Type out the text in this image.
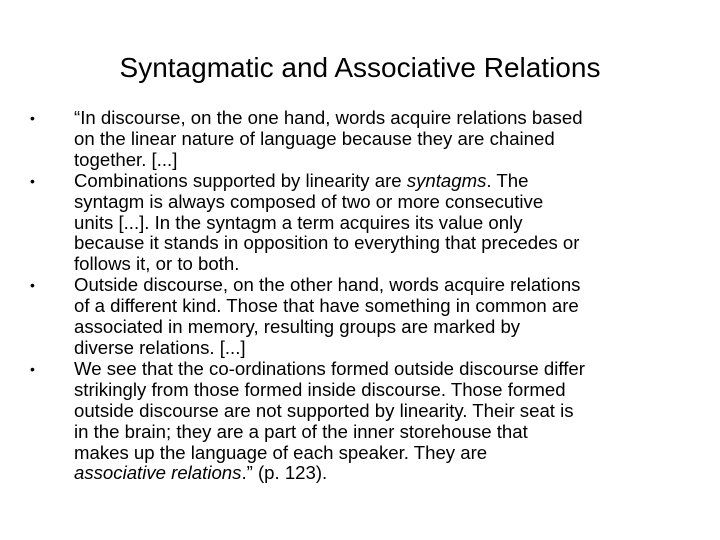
Syntagmatic and Associative Relations
• “In discourse, on the one hand, words acquire relations based
on the linear nature of language because they are chained
together. [...]
• Combinations supported by linearity are syntagms. The
syntagm is always composed of two or more consecutive
units [...]. In the syntagm a term acquires its value only
because it stands in opposition to everything that precedes or
follows it, or to both.
• Outside discourse, on the other hand, words acquire relations
of a different kind. Those that have something in common are
associated in memory, resulting groups are marked by
diverse relations. [...]
• We see that the co-ordinations formed outside discourse differ
strikingly from those formed inside discourse. Those formed
outside discourse are not supported by linearity. Their seat is
in the brain; they are a part of the inner storehouse that
makes up the language of each speaker. They are
associative relations.” (p. 123).
